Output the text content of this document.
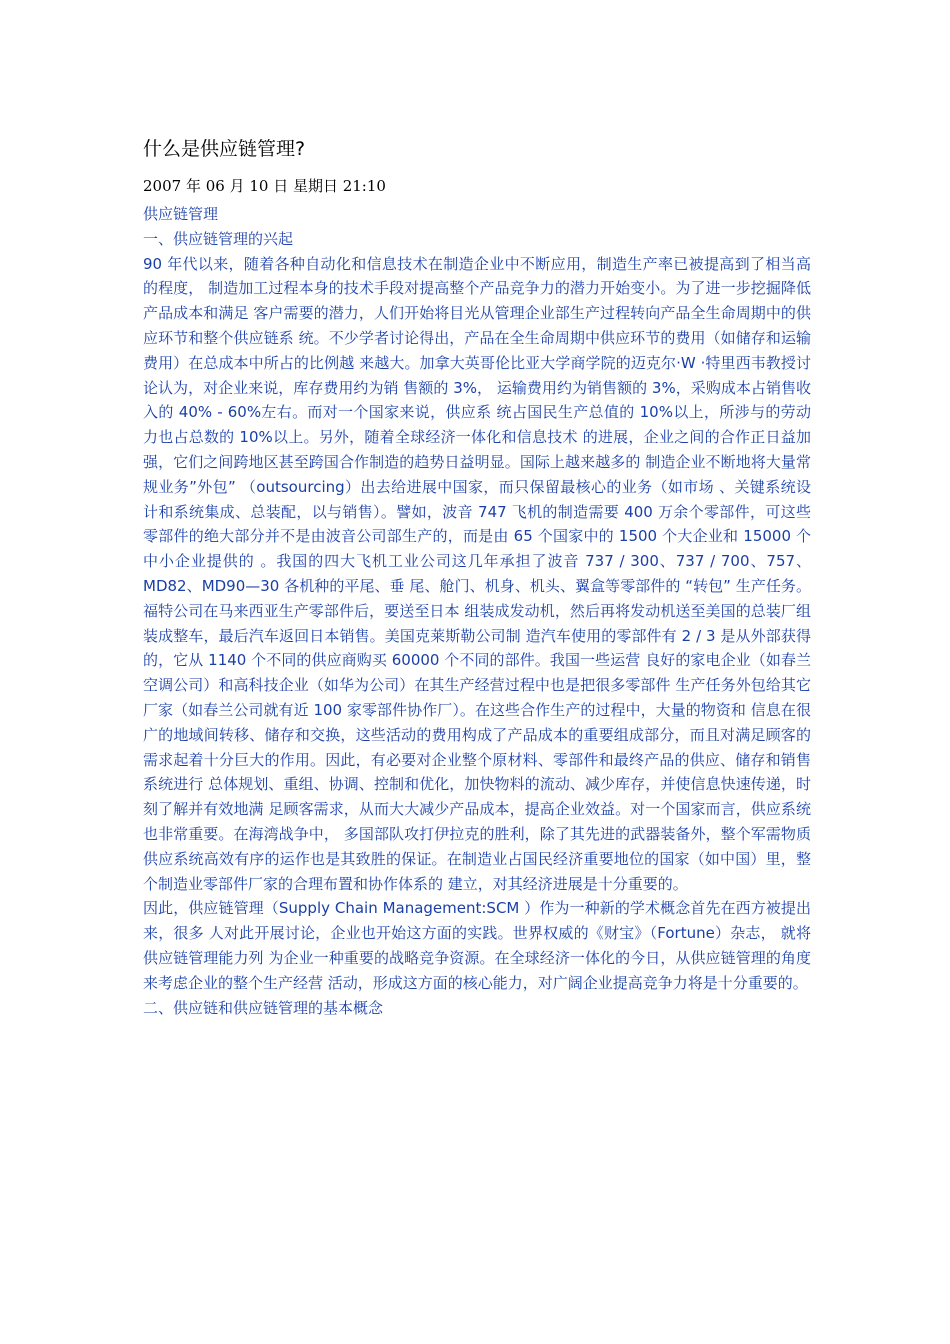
什么是供应链管理?
2007 年 06 月 10 日 星期日 21:10
供应链管理
一、供应链管理的兴起

90 年代以来，随着各种自动化和信息技术在制造企业中不断应用，制造生产率已被提高到了相当高的程度， 制造加工过程本身的技术手段对提高整个产品竞争力的潜力开始变小。为了进一步挖掘降低产品成本和满足 客户需要的潜力，人们开始将目光从管理企业部生产过程转向产品全生命周期中的供应环节和整个供应链系 统。不少学者讨论得出，产品在全生命周期中供应环节的费用（如储存和运输费用）在总成本中所占的比例越 来越大。加拿大英哥伦比亚大学商学院的迈克尔·W ·特里西韦教授讨论认为，对企业来说，库存费用约为销 售额的 3%， 运输费用约为销售额的 3%，采购成本占销售收入的 40% - 60%左右。而对一个国家来说，供应系 统占国民生产总值的 10%以上，所涉与的劳动力也占总数的 10%以上。另外，随着全球经济一体化和信息技术 的进展，企业之间的合作正日益加强，它们之间跨地区甚至跨国合作制造的趋势日益明显。国际上越来越多的 制造企业不断地将大量常规业务”外包” （outsourcing）出去给进展中国家，而只保留最核心的业务（如市场 、关键系统设计和系统集成、总装配，以与销售）。譬如，波音 747 飞机的制造需要 400 万余个零部件，可这些 零部件的绝大部分并不是由波音公司部生产的，而是由 65 个国家中的 1500 个大企业和 15000 个中小企业提供的 。我国的四大飞机工业公司这几年承担了波音 737 / 300、737 / 700、757、MD82、MD90—30 各机种的平尾、垂 尾、舱门、机身、机头、翼盒等零部件的 “转包” 生产任务。福特公司在马来西亚生产零部件后，要送至日本 组装成发动机，然后再将发动机送至美国的总装厂组装成整车，最后汽车返回日本销售。美国克莱斯勒公司制 造汽车使用的零部件有 2 / 3 是从外部获得的，它从 1140 个不同的供应商购买 60000 个不同的部件。我国一些运营 良好的家电企业（如春兰空调公司）和高科技企业（如华为公司）在其生产经营过程中也是把很多零部件 生产任务外包给其它厂家（如春兰公司就有近 100 家零部件协作厂）。在这些合作生产的过程中，大量的物资和 信息在很广的地域间转移、储存和交换，这些活动的费用构成了产品成本的重要组成部分，而且对满足顾客的 需求起着十分巨大的作用。因此，有必要对企业整个原材料、零部件和最终产品的供应、储存和销售系统进行 总体规划、重组、协调、控制和优化，加快物料的流动、减少库存，并使信息快速传递，时刻了解并有效地满 足顾客需求，从而大大减少产品成本，提高企业效益。对一个国家而言，供应系统也非常重要。在海湾战争中， 多国部队攻打伊拉克的胜利，除了其先进的武器装备外，整个军需物质供应系统高效有序的运作也是其致胜的保证。在制造业占国民经济重要地位的国家（如中国）里，整个制造业零部件厂家的合理布置和协作体系的 建立，对其经济进展是十分重要的。

因此，供应链管理（Supply Chain Management:SCM ）作为一种新的学术概念首先在西方被提出来，很多 人对此开展讨论，企业也开始这方面的实践。世界权威的《财宝》（Fortune）杂志， 就将供应链管理能力列 为企业一种重要的战略竞争资源。在全球经济一体化的今日，从供应链管理的角度来考虑企业的整个生产经营 活动，形成这方面的核心能力，对广阔企业提高竞争力将是十分重要的。

二、供应链和供应链管理的基本概念
